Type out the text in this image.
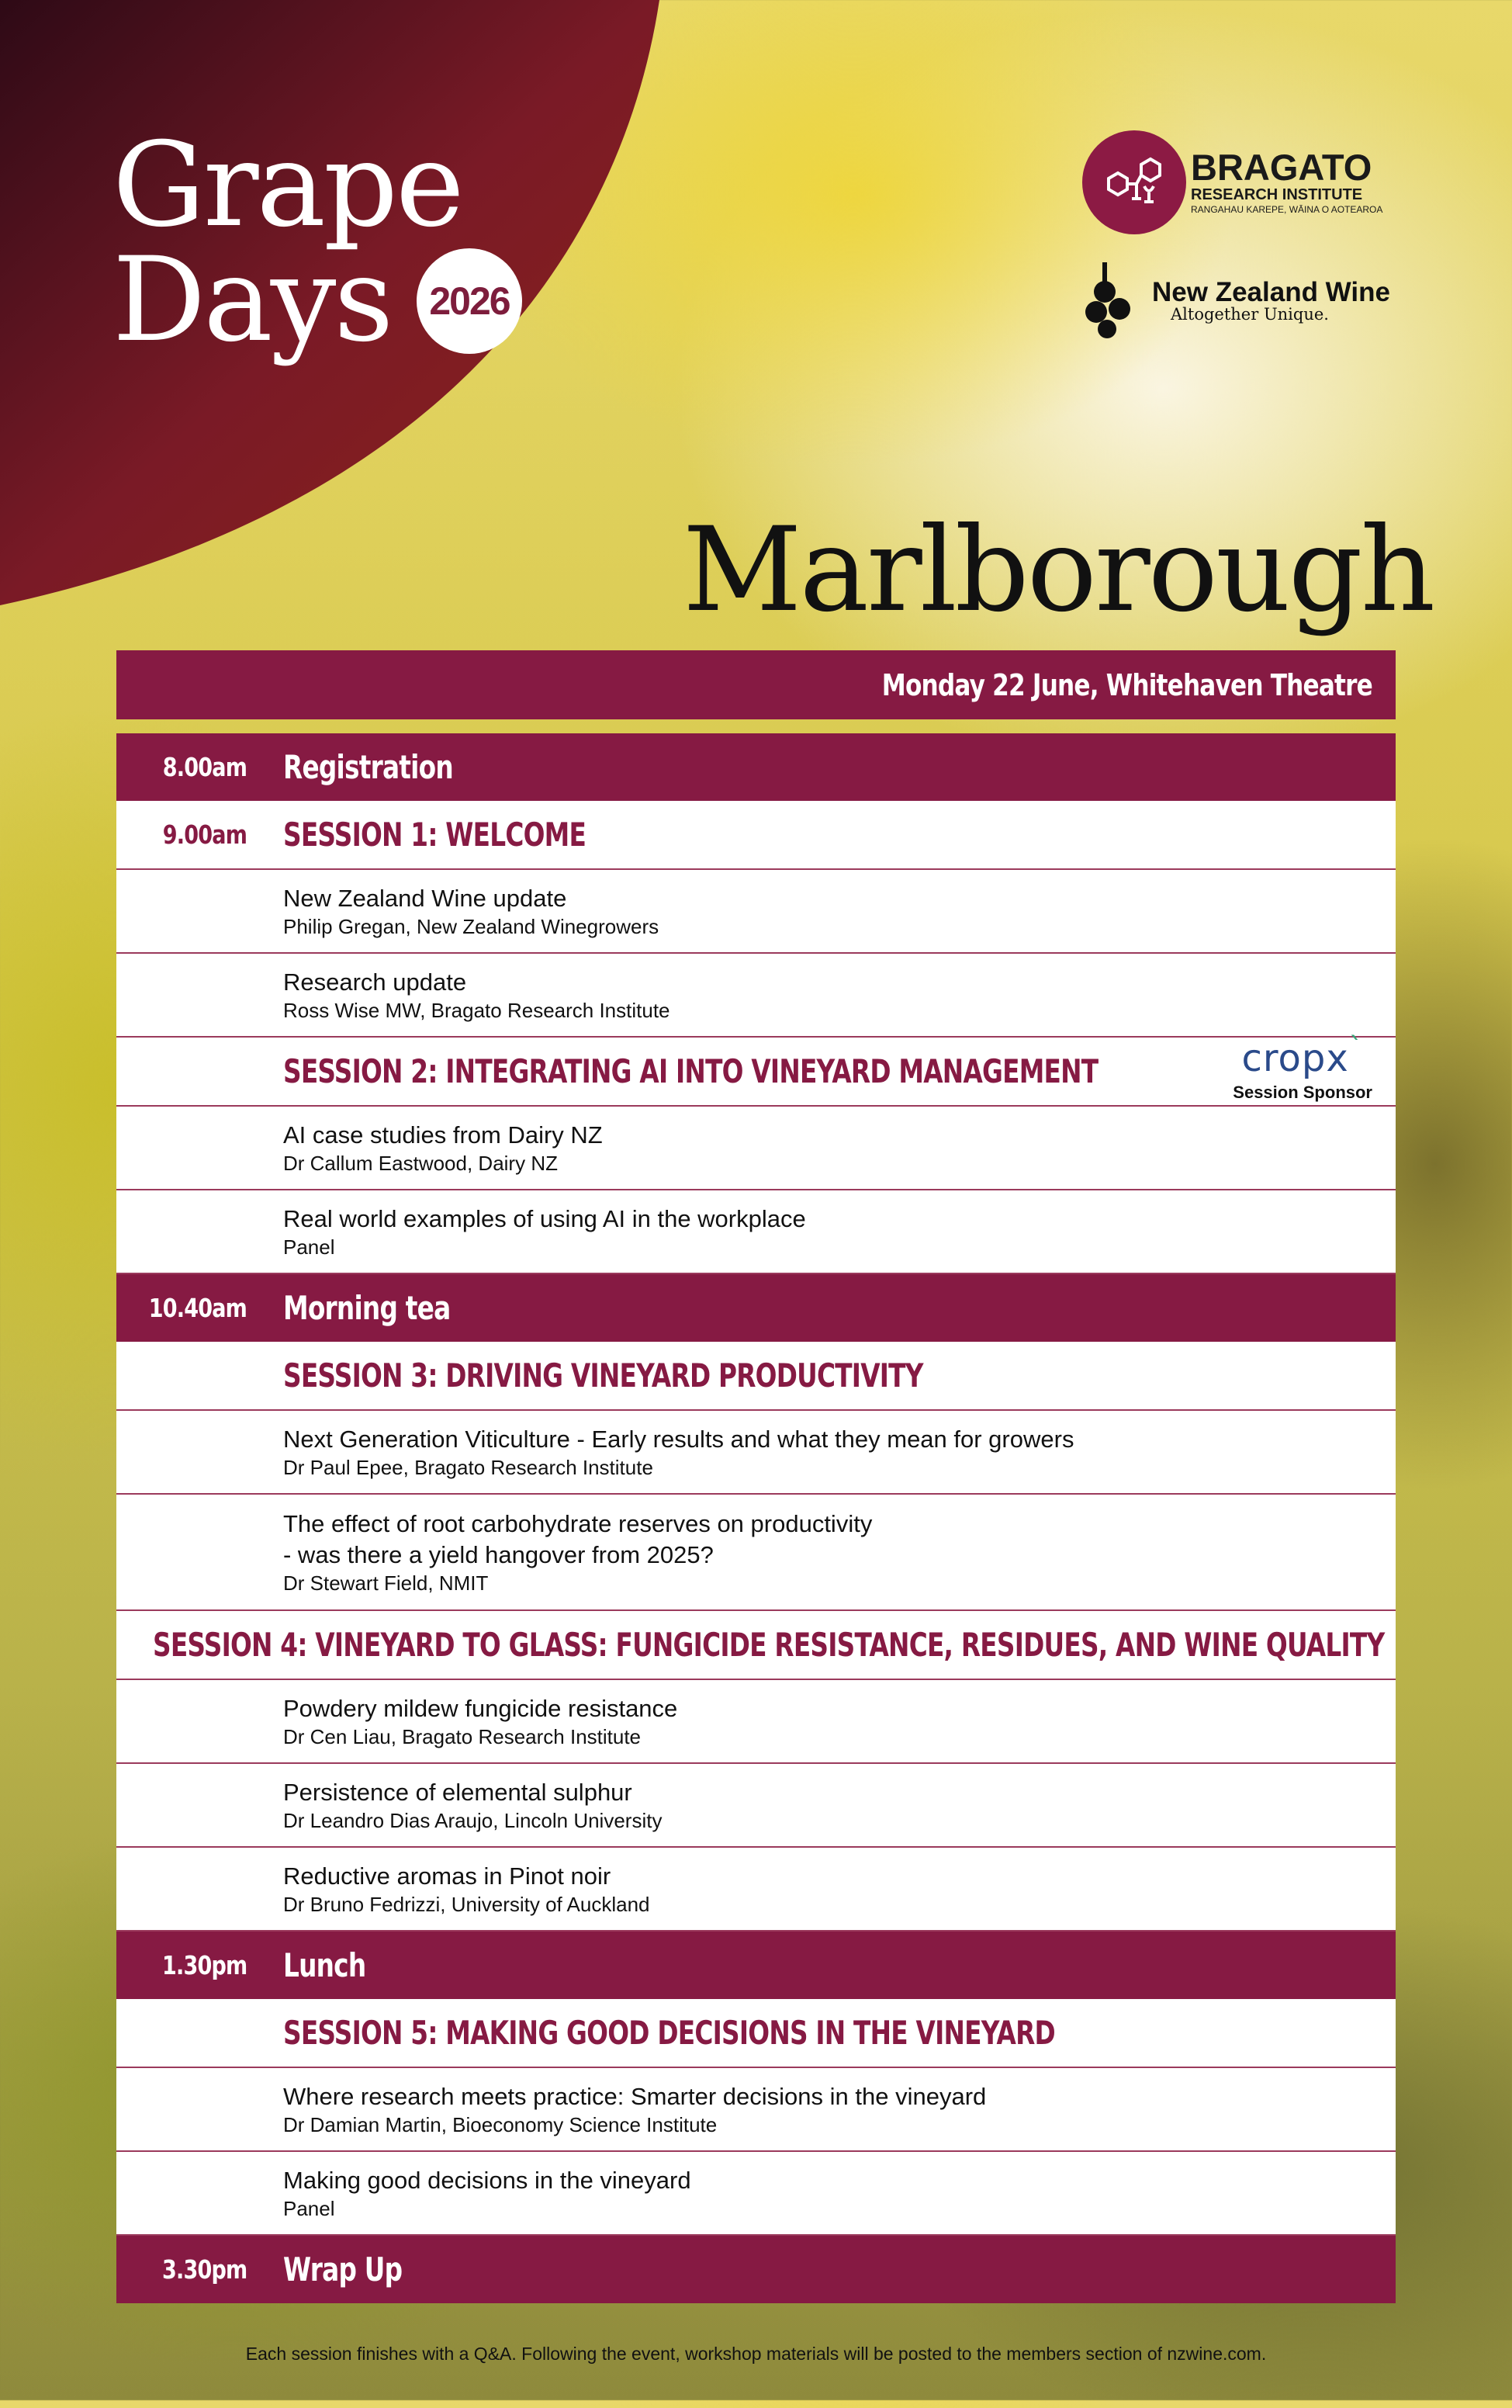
Grape
Days 2026
BRAGATO
RESEARCH INSTITUTE
RANGAHAU KAREPE, WĀINA O AOTEAROA
New Zealand Wine
Altogether Unique.
Marlborough
Monday 22 June, Whitehaven Theatre
8.00am Registration
9.00am SESSION 1: WELCOME
New Zealand Wine update
Philip Gregan, New Zealand Winegrowers
Research update
Ross Wise MW, Bragato Research Institute
SESSION 2: INTEGRATING AI INTO VINEYARD MANAGEMENT	cropx$^ˋ$
Session Sponsor
AI case studies from Dairy NZ
Dr Callum Eastwood, Dairy NZ
Real world examples of using AI in the workplace
Panel
10.40am Morning tea
SESSION 3: DRIVING VINEYARD PRODUCTIVITY
Next Generation Viticulture - Early results and what they mean for growers
Dr Paul Epee, Bragato Research Institute
The effect of root carbohydrate reserves on productivity
- was there a yield hangover from 2025?
Dr Stewart Field, NMIT
SESSION 4: VINEYARD TO GLASS: FUNGICIDE RESISTANCE, RESIDUES, AND WINE QUALITY
Powdery mildew fungicide resistance
Dr Cen Liau, Bragato Research Institute
Persistence of elemental sulphur
Dr Leandro Dias Araujo, Lincoln University
Reductive aromas in Pinot noir
Dr Bruno Fedrizzi, University of Auckland
1.30pm Lunch
SESSION 5: MAKING GOOD DECISIONS IN THE VINEYARD
Where research meets practice: Smarter decisions in the vineyard
Dr Damian Martin, Bioeconomy Science Institute
Making good decisions in the vineyard
Panel
3.30pm Wrap Up
Each session finishes with a Q&A. Following the event, workshop materials will be posted to the members section of nzwine.com.
